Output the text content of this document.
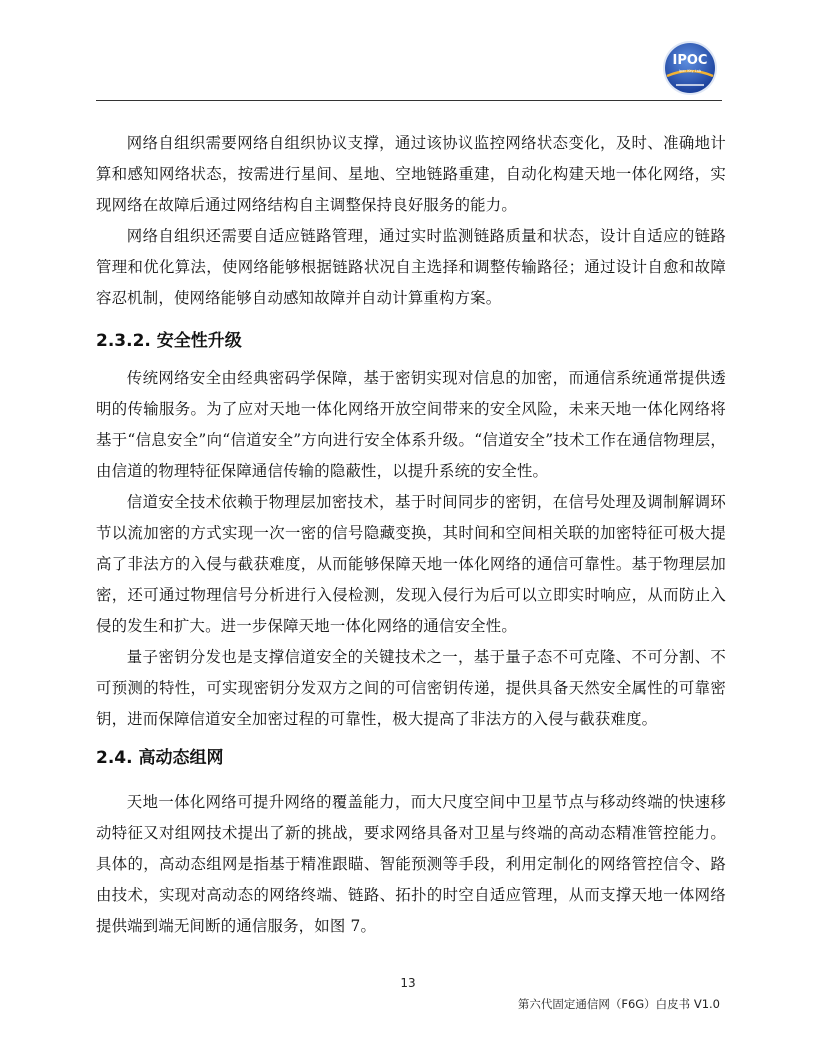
IPOC
Ipoc Key Lab

网络自组织需要网络自组织协议支撑，通过该协议监控网络状态变化，及时、准确地计算和感知网络状态，按需进行星间、星地、空地链路重建，自动化构建天地一体化网络，实现网络在故障后通过网络结构自主调整保持良好服务的能力。

网络自组织还需要自适应链路管理，通过实时监测链路质量和状态，设计自适应的链路管理和优化算法，使网络能够根据链路状况自主选择和调整传输路径；通过设计自愈和故障容忍机制，使网络能够自动感知故障并自动计算重构方案。

2.3.2. 安全性升级

传统网络安全由经典密码学保障，基于密钥实现对信息的加密，而通信系统通常提供透明的传输服务。为了应对天地一体化网络开放空间带来的安全风险，未来天地一体化网络将基于“信息安全”向“信道安全”方向进行安全体系升级。“信道安全”技术工作在通信物理层，由信道的物理特征保障通信传输的隐蔽性，以提升系统的安全性。

信道安全技术依赖于物理层加密技术，基于时间同步的密钥，在信号处理及调制解调环节以流加密的方式实现一次一密的信号隐藏变换，其时间和空间相关联的加密特征可极大提高了非法方的入侵与截获难度，从而能够保障天地一体化网络的通信可靠性。基于物理层加密，还可通过物理信号分析进行入侵检测，发现入侵行为后可以立即实时响应，从而防止入侵的发生和扩大。进一步保障天地一体化网络的通信安全性。

量子密钥分发也是支撑信道安全的关键技术之一，基于量子态不可克隆、不可分割、不可预测的特性，可实现密钥分发双方之间的可信密钥传递，提供具备天然安全属性的可靠密钥，进而保障信道安全加密过程的可靠性，极大提高了非法方的入侵与截获难度。

2.4. 高动态组网

天地一体化网络可提升网络的覆盖能力，而大尺度空间中卫星节点与移动终端的快速移动特征又对组网技术提出了新的挑战，要求网络具备对卫星与终端的高动态精准管控能力。具体的，高动态组网是指基于精准跟瞄、智能预测等手段，利用定制化的网络管控信令、路由技术，实现对高动态的网络终端、链路、拓扑的时空自适应管理，从而支撑天地一体网络提供端到端无间断的通信服务，如图 7。

13
第六代固定通信网（F6G）白皮书 V1.0
